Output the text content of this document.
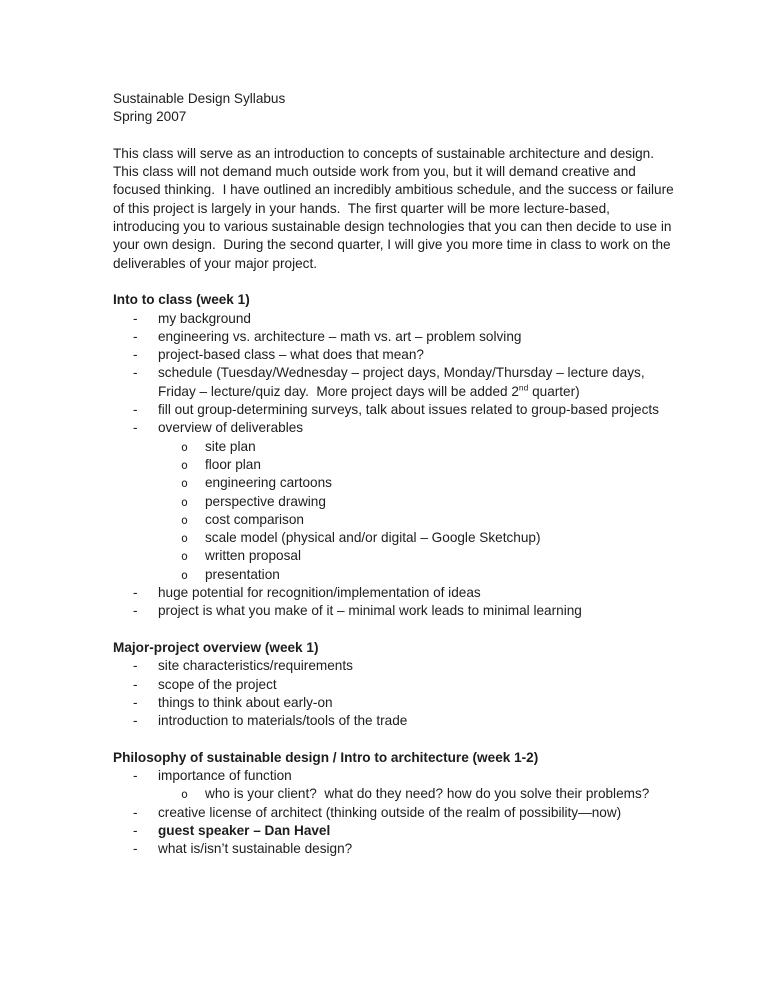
Sustainable Design Syllabus
Spring 2007

This class will serve as an introduction to concepts of sustainable architecture and design.  This class will not demand much outside work from you, but it will demand creative and focused thinking.  I have outlined an incredibly ambitious schedule, and the success or failure of this project is largely in your hands.  The first quarter will be more lecture-based, introducing you to various sustainable design technologies that you can then decide to use in your own design.  During the second quarter, I will give you more time in class to work on the deliverables of your major project.

Into to class (week 1)
-	my background
-	engineering vs. architecture – math vs. art – problem solving
-	project-based class – what does that mean?
-	schedule (Tuesday/Wednesday – project days, Monday/Thursday – lecture days, Friday – lecture/quiz day.  More project days will be added 2nd quarter)
-	fill out group-determining surveys, talk about issues related to group-based projects
-	overview of deliverables
o	site plan
o	floor plan
o	engineering cartoons
o	perspective drawing
o	cost comparison
o	scale model (physical and/or digital – Google Sketchup)
o	written proposal
o	presentation
-	huge potential for recognition/implementation of ideas
-	project is what you make of it – minimal work leads to minimal learning
Major-project overview (week 1)
-	site characteristics/requirements
-	scope of the project
-	things to think about early-on
-	introduction to materials/tools of the trade
Philosophy of sustainable design / Intro to architecture (week 1-2)
-	importance of function
o	who is your client?  what do they need? how do you solve their problems?
-	creative license of architect (thinking outside of the realm of possibility—now)
-	guest speaker – Dan Havel
-	what is/isn’t sustainable design?
